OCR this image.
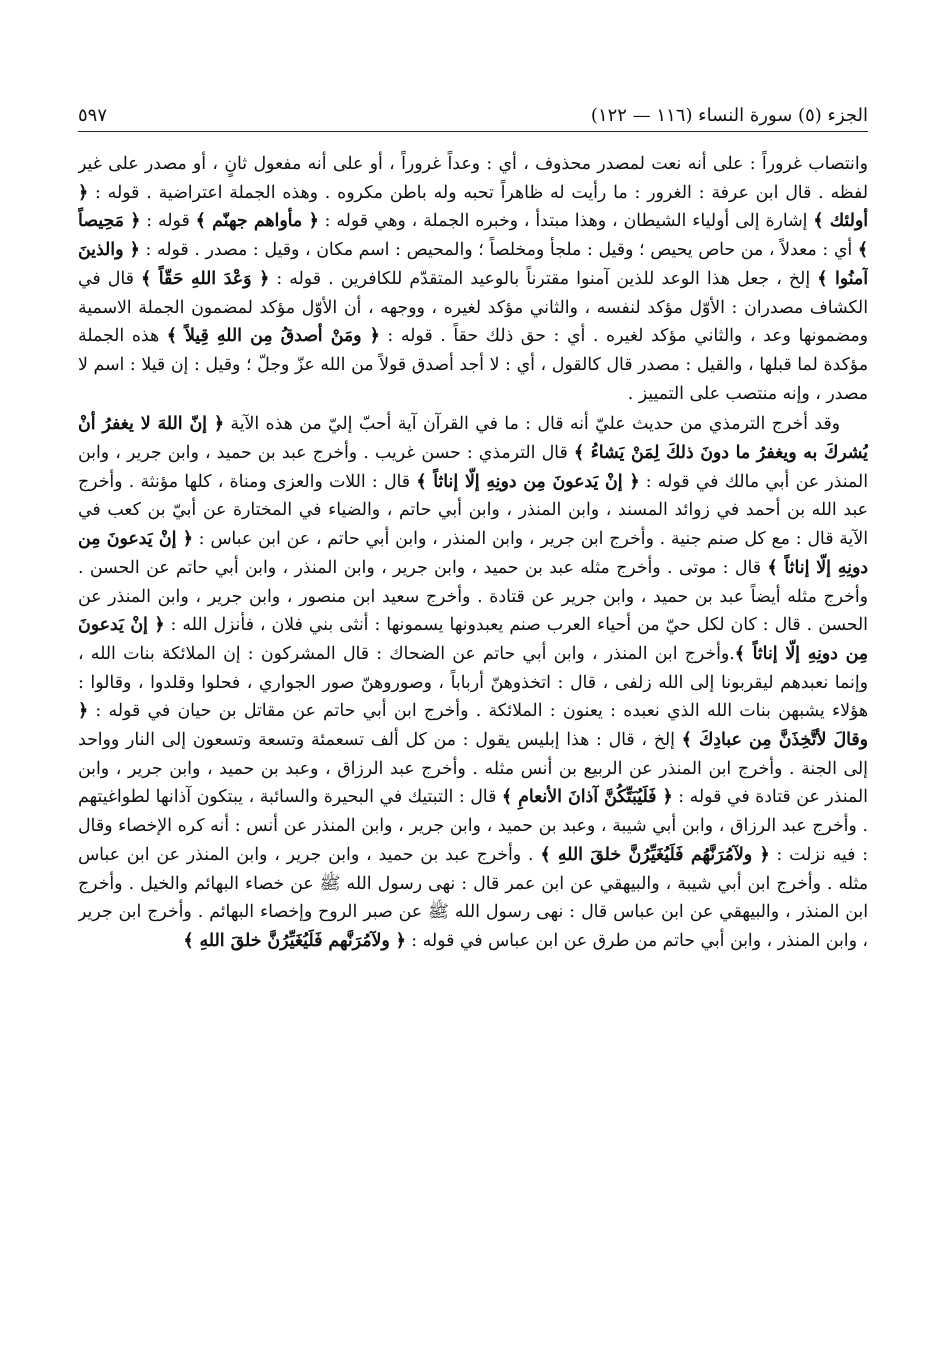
الجزء (٥) سورة النساء (١١٦ — ١٢٢)
٥٩٧

وانتصاب غروراً : على أنه نعت لمصدر محذوف ، أي : وعداً غروراً ، أو على أنه مفعول ثانٍ ، أو مصدر على غير لفظه . قال ابن عرفة : الغرور : ما رأيت له ظاهراً تحبه وله باطن مكروه . وهذه الجملة اعتراضية . قوله : ﴿ أولئك ﴾ إشارة إلى أولياء الشيطان ، وهذا مبتدأ ، وخبره الجملة ، وهي قوله : ﴿ مأواهم جهنّم ﴾ قوله : ﴿ مَحِيصاً ﴾ أي : معدلاً ، من حاص يحيص ؛ وقيل : ملجأ ومخلصاً ؛ والمحيص : اسم مكان ، وقيل : مصدر . قوله : ﴿ والذينَ آمنُوا ﴾ إلخ ، جعل هذا الوعد للذين آمنوا مقترناً بالوعيد المتقدّم للكافرين . قوله : ﴿ وَعْدَ اللهِ حَقّاً ﴾ قال في الكشاف مصدران : الأوّل مؤكد لنفسه ، والثاني مؤكد لغيره ، ووجهه ، أن الأوّل مؤكد لمضمون الجملة الاسمية ومضمونها وعد ، والثاني مؤكد لغيره . أي : حق ذلك حقاً . قوله : ﴿ ومَنْ أصدقُ مِن اللهِ قِيلاً ﴾ هذه الجملة مؤكدة لما قبلها ، والقيل : مصدر قال كالقول ، أي : لا أجد أصدق قولاً من الله عزّ وجلّ ؛ وقيل : إن قيلا : اسم لا مصدر ، وإنه منتصب على التمييز .

وقد أخرج الترمذي من حديث عليّ أنه قال : ما في القرآن آية أحبّ إليّ من هذه الآية ﴿ إنّ اللهَ لا يغفرُ أنْ يُشركَ به ويغفرُ ما دونَ ذلكَ لِمَنْ يَشاءُ ﴾ قال الترمذي : حسن غريب . وأخرج عبد بن حميد ، وابن جرير ، وابن المنذر عن أبي مالك في قوله : ﴿ إنْ يَدعونَ مِن دونِهِ إلّا إناثاً ﴾ قال : اللات والعزى ومناة ، كلها مؤنثة . وأخرج عبد الله بن أحمد في زوائد المسند ، وابن المنذر ، وابن أبي حاتم ، والضياء في المختارة عن أبيّ بن كعب في الآية قال : مع كل صنم جنية . وأخرج ابن جرير ، وابن المنذر ، وابن أبي حاتم ، عن ابن عباس : ﴿ إنْ يَدعونَ مِن دونِهِ إلّا إناثاً ﴾ قال : موتى . وأخرج مثله عبد بن حميد ، وابن جرير ، وابن المنذر ، وابن أبي حاتم عن الحسن . وأخرج مثله أيضاً عبد بن حميد ، وابن جرير عن قتادة . وأخرج سعيد ابن منصور ، وابن جرير ، وابن المنذر عن الحسن . قال : كان لكل حيّ من أحياء العرب صنم يعبدونها يسمونها : أنثى بني فلان ، فأنزل الله : ﴿ إنْ يَدعونَ مِن دونِهِ إلّا إناثاً ﴾.وأخرج ابن المنذر ، وابن أبي حاتم عن الضحاك : قال المشركون : إن الملائكة بنات الله ، وإنما نعبدهم ليقربونا إلى الله زلفى ، قال : اتخذوهنّ أرباباً ، وصوروهنّ صور الجواري ، فحلوا وقلدوا ، وقالوا : هؤلاء يشبهن بنات الله الذي نعبده : يعنون : الملائكة . وأخرج ابن أبي حاتم عن مقاتل بن حيان في قوله : ﴿ وقالَ لأتَّخِذَنَّ مِن عبادِكَ ﴾ إلخ ، قال : هذا إبليس يقول : من كل ألف تسعمئة وتسعة وتسعون إلى النار وواحد إلى الجنة . وأخرج ابن المنذر عن الربيع بن أنس مثله . وأخرج عبد الرزاق ، وعبد بن حميد ، وابن جرير ، وابن المنذر عن قتادة في قوله : ﴿ فَلَيُبَتِّكُنَّ آذانَ الأنعامِ ﴾ قال : التبتيك في البحيرة والسائبة ، يبتكون آذانها لطواغيتهم . وأخرج عبد الرزاق ، وابن أبي شيبة ، وعبد بن حميد ، وابن جرير ، وابن المنذر عن أنس : أنه كره الإخصاء وقال : فيه نزلت : ﴿ ولآمُرَنَّهُم فَلَيُغَيِّرُنَّ خلقَ اللهِ ﴾ . وأخرج عبد بن حميد ، وابن جرير ، وابن المنذر عن ابن عباس مثله . وأخرج ابن أبي شيبة ، والبيهقي عن ابن عمر قال : نهى رسول الله ﷺ عن خصاء البهائم والخيل . وأخرج ابن المنذر ، والبيهقي عن ابن عباس قال : نهى رسول الله ﷺ عن صبر الروح وإخصاء البهائم . وأخرج ابن جرير ، وابن المنذر ، وابن أبي حاتم من طرق عن ابن عباس في قوله : ﴿ ولآمُرَنَّهم فَلَيُغَيِّرُنَّ خلقَ اللهِ ﴾
